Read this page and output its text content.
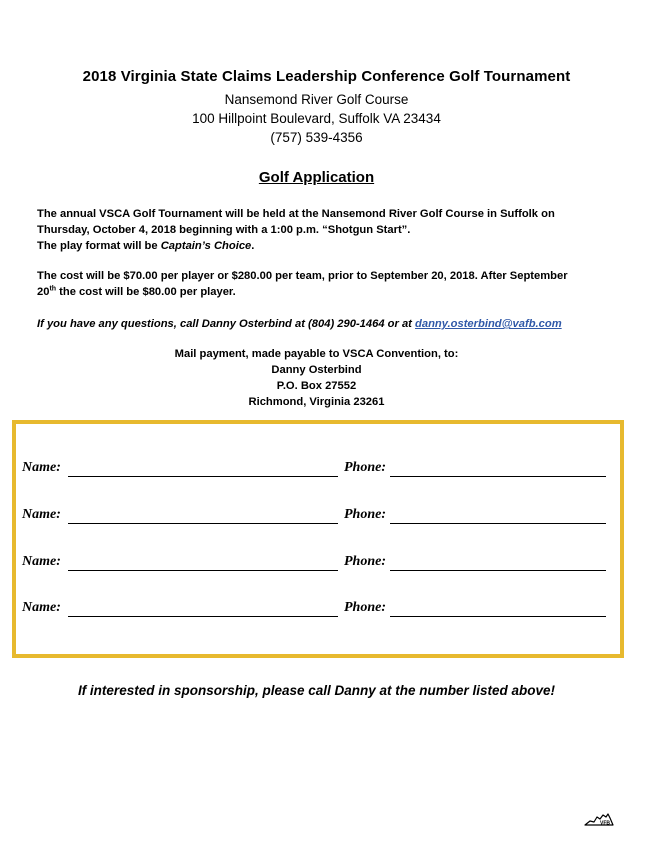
2018 Virginia State Claims Leadership Conference Golf Tournament
Nansemond River Golf Course
100 Hillpoint Boulevard, Suffolk VA 23434
(757) 539-4356
Golf Application
The annual VSCA Golf Tournament will be held at the Nansemond River Golf Course in Suffolk on
Thursday, October 4, 2018 beginning with a 1:00 p.m. “Shotgun Start”.
The play format will be Captain’s Choice.
The cost will be $70.00 per player or $280.00 per team, prior to September 20, 2018. After September
20th the cost will be $80.00 per player.
If you have any questions, call Danny Osterbind at (804) 290-1464 or at danny.osterbind@vafb.com
Mail payment, made payable to VSCA Convention, to:
Danny Osterbind
P.O. Box 27552
Richmond, Virginia 23261
Name:	Phone:
Name:	Phone:
Name:	Phone:
Name:	Phone:
If interested in sponsorship, please call Danny at the number listed above!
VFB
